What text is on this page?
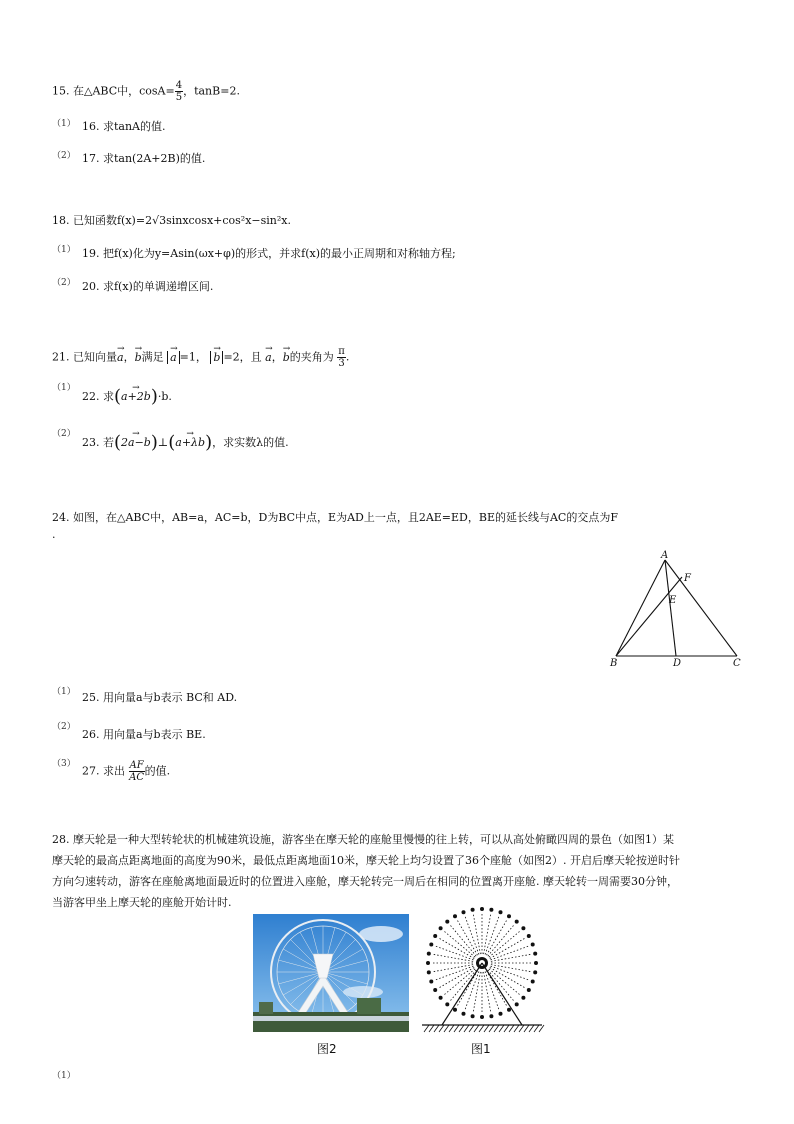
15. 在△ABC中，$\cos A= \frac{4}{5}$ ，tanB=2.
（1） 16. 求tanA的值.
（2） 17. 求tan(2A+2B)的值.
18. 已知函数f(x)=2√3sinxcosx+cos²x−sin²x.
（1） 19. 把f(x)化为y=Asin(ωx+φ)的形式，并求f(x)的最小正周期和对称轴方程;
（2） 20. 求f(x)的单调递增区间.
21. 已知向量→ a，→ b满足 → a =1， → b =2，且 → a，→ b的夹角为 $\frac{\pi}{3}$ .
（1）
22. 求(→ a+2b)·b.
（2）
23. 若(→ 2a−b)⊥(→ a+λb)，求实数λ的值.
24. 如图，在△ABC中，AB=a，AC=b，D为BC中点，E为AD上一点，且2AE=ED，BE的延长线与AC的交点为F
.
A
B	C
D
E
F
（1） 25. 用向量a与b表示 BC和 AD.
（2）
26. 用向量a与b表示 BE.
（3）
27. 求出 $\frac{AF}{AC}$ 的值.
28. 摩天轮是一种大型转轮状的机械建筑设施，游客坐在摩天轮的座舱里慢慢的往上转，可以从高处俯瞰四周的景色（如图1）某
摩天轮的最高点距离地面的高度为90米，最低点距离地面10米，摩天轮上均匀设置了36个座舱（如图2）. 开启后摩天轮按逆时针
方向匀速转动，游客在座舱离地面最近时的位置进入座舱，摩天轮转完一周后在相同的位置离开座舱. 摩天轮转一周需要30分钟，
当游客甲坐上摩天轮的座舱开始计时.
图2	图1
（1）
